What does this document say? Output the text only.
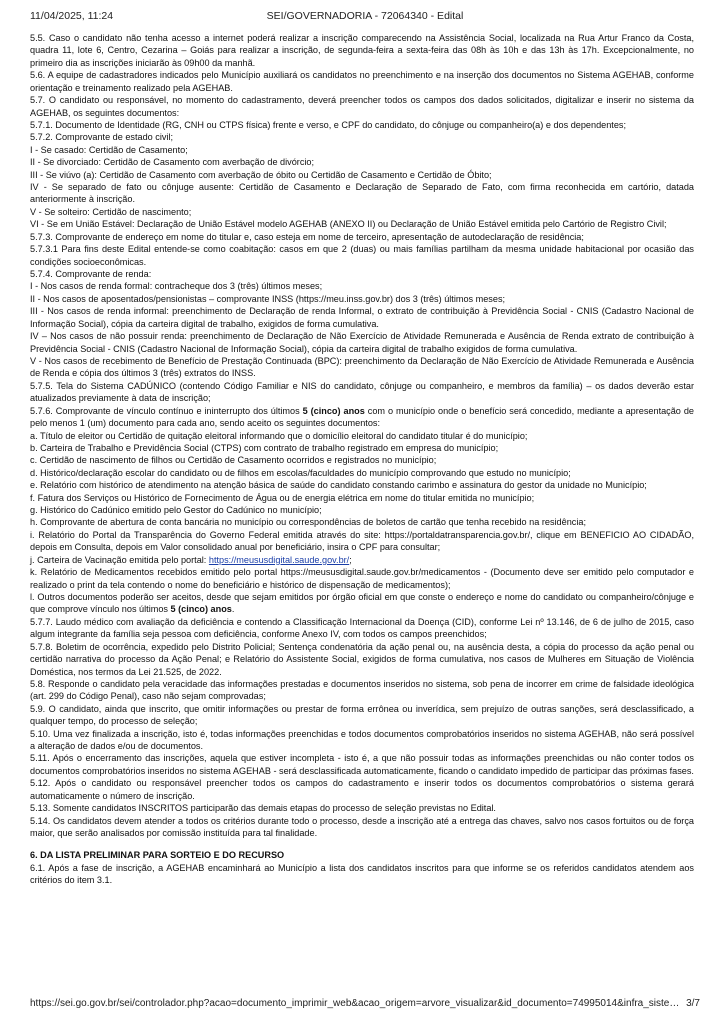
11/04/2025, 11:24	SEI/GOVERNADORIA - 72064340 - Edital

5.5. Caso o candidato não tenha acesso a internet poderá realizar a inscrição comparecendo na Assistência Social, localizada na Rua Artur Franco da Costa, quadra 11, lote 6, Centro, Cezarina – Goiás para realizar a inscrição, de segunda-feira a sexta-feira das 08h às 10h e das 13h às 17h. Excepcionalmente, no primeiro dia as inscrições iniciarão às 09h00 da manhã.

5.6. A equipe de cadastradores indicados pelo Município auxiliará os candidatos no preenchimento e na inserção dos documentos no Sistema AGEHAB, conforme orientação e treinamento realizado pela AGEHAB.

5.7. O candidato ou responsável, no momento do cadastramento, deverá preencher todos os campos dos dados solicitados, digitalizar e inserir no sistema da AGEHAB, os seguintes documentos:

5.7.1. Documento de Identidade (RG, CNH ou CTPS física) frente e verso, e CPF do candidato, do cônjuge ou companheiro(a) e dos dependentes;

5.7.2. Comprovante de estado civil;

I - Se casado: Certidão de Casamento;

II - Se divorciado: Certidão de Casamento com averbação de divórcio;

III - Se viúvo (a): Certidão de Casamento com averbação de óbito ou Certidão de Casamento e Certidão de Óbito;

IV - Se separado de fato ou cônjuge ausente: Certidão de Casamento e Declaração de Separado de Fato, com firma reconhecida em cartório, datada anteriormente à inscrição.

V - Se solteiro: Certidão de nascimento;

VI - Se em União Estável: Declaração de União Estável modelo AGEHAB (ANEXO II) ou Declaração de União Estável emitida pelo Cartório de Registro Civil;

5.7.3. Comprovante de endereço em nome do titular e, caso esteja em nome de terceiro, apresentação de autodeclaração de residência;

5.7.3.1 Para fins deste Edital entende-se como coabitação: casos em que 2 (duas) ou mais famílias partilham da mesma unidade habitacional por ocasião das condições socioeconômicas.

5.7.4. Comprovante de renda:

I - Nos casos de renda formal: contracheque dos 3 (três) últimos meses;

II - Nos casos de aposentados/pensionistas – comprovante INSS (https://meu.inss.gov.br) dos 3 (três) últimos meses;

III - Nos casos de renda informal: preenchimento de Declaração de renda Informal, o extrato de contribuição à Previdência Social - CNIS (Cadastro Nacional de Informação Social), cópia da carteira digital de trabalho, exigidos de forma cumulativa.

IV – Nos casos de não possuir renda: preenchimento de Declaração de Não Exercício de Atividade Remunerada e Ausência de Renda extrato de contribuição à Previdência Social - CNIS (Cadastro Nacional de Informação Social), cópia da carteira digital de trabalho exigidos de forma cumulativa.

V - Nos casos de recebimento de Benefício de Prestação Continuada (BPC): preenchimento da Declaração de Não Exercício de Atividade Remunerada e Ausência de Renda e cópia dos últimos 3 (três) extratos do INSS.

5.7.5. Tela do Sistema CADÚNICO (contendo Código Familiar e NIS do candidato, cônjuge ou companheiro, e membros da família) – os dados deverão estar atualizados previamente à data de inscrição;

5.7.6. Comprovante de vínculo contínuo e ininterrupto dos últimos 5 (cinco) anos com o município onde o benefício será concedido, mediante a apresentação de pelo menos 1 (um) documento para cada ano, sendo aceito os seguintes documentos:

a. Título de eleitor ou Certidão de quitação eleitoral informando que o domicílio eleitoral do candidato titular é do município;

b. Carteira de Trabalho e Previdência Social (CTPS) com contrato de trabalho registrado em empresa do município;

c. Certidão de nascimento de filhos ou Certidão de Casamento ocorridos e registrados no município;

d. Histórico/declaração escolar do candidato ou de filhos em escolas/faculdades do município comprovando que estudo no município;

e. Relatório com histórico de atendimento na atenção básica de saúde do candidato constando carimbo e assinatura do gestor da unidade no Município;

f. Fatura dos Serviços ou Histórico de Fornecimento de Água ou de energia elétrica em nome do titular emitida no município;

g. Histórico do Cadúnico emitido pelo Gestor do Cadúnico no município;

h. Comprovante de abertura de conta bancária no município ou correspondências de boletos de cartão que tenha recebido na residência;

i. Relatório do Portal da Transparência do Governo Federal emitida através do site: https://portaldatransparencia.gov.br/, clique em BENEFICIO AO CIDADÃO, depois em Consulta, depois em Valor consolidado anual por beneficiário, insira o CPF para consultar;

j. Carteira de Vacinação emitida pelo portal: https://meususdigital.saude.gov.br/;

k. Relatório de Medicamentos recebidos emitido pelo portal https://meususdigital.saude.gov.br/medicamentos - (Documento deve ser emitido pelo computador e realizado o print da tela contendo o nome do beneficiário e histórico de dispensação de medicamentos);

l. Outros documentos poderão ser aceitos, desde que sejam emitidos por órgão oficial em que conste o endereço e nome do candidato ou companheiro/cônjuge e que comprove vínculo nos últimos 5 (cinco) anos.

5.7.7. Laudo médico com avaliação da deficiência e contendo a Classificação Internacional da Doença (CID), conforme Lei nº 13.146, de 6 de julho de 2015, caso algum integrante da família seja pessoa com deficiência, conforme Anexo IV, com todos os campos preenchidos;

5.7.8. Boletim de ocorrência, expedido pelo Distrito Policial; Sentença condenatória da ação penal ou, na ausência desta, a cópia do processo da ação penal ou certidão narrativa do processo da Ação Penal; e Relatório do Assistente Social, exigidos de forma cumulativa, nos casos de Mulheres em Situação de Violência Doméstica, nos termos da Lei 21.525, de 2022.

5.8. Responde o candidato pela veracidade das informações prestadas e documentos inseridos no sistema, sob pena de incorrer em crime de falsidade ideológica (art. 299 do Código Penal), caso não sejam comprovadas;

5.9. O candidato, ainda que inscrito, que omitir informações ou prestar de forma errônea ou inverídica, sem prejuízo de outras sanções, será desclassificado, a qualquer tempo, do processo de seleção;

5.10. Uma vez finalizada a inscrição, isto é, todas informações preenchidas e todos documentos comprobatórios inseridos no sistema AGEHAB, não será possível a alteração de dados e/ou de documentos.

5.11. Após o encerramento das inscrições, aquela que estiver incompleta - isto é, a que não possuir todas as informações preenchidas ou não conter todos os documentos comprobatórios inseridos no sistema AGEHAB - será desclassificada automaticamente, ficando o candidato impedido de participar das próximas fases.

5.12. Após o candidato ou responsável preencher todos os campos do cadastramento e inserir todos os documentos comprobatórios o sistema gerará automaticamente o número de inscrição.

5.13. Somente candidatos INSCRITOS participarão das demais etapas do processo de seleção previstas no Edital.

5.14. Os candidatos devem atender a todos os critérios durante todo o processo, desde a inscrição até a entrega das chaves, salvo nos casos fortuitos ou de força maior, que serão analisados por comissão instituída para tal finalidade.

6. DA LISTA PRELIMINAR PARA SORTEIO E DO RECURSO

6.1. Após a fase de inscrição, a AGEHAB encaminhará ao Município a lista dos candidatos inscritos para que informe se os referidos candidatos atendem aos critérios do item 3.1.

https://sei.go.gov.br/sei/controlador.php?acao=documento_imprimir_web&acao_origem=arvore_visualizar&id_documento=74995014&infra_siste… 3/7
